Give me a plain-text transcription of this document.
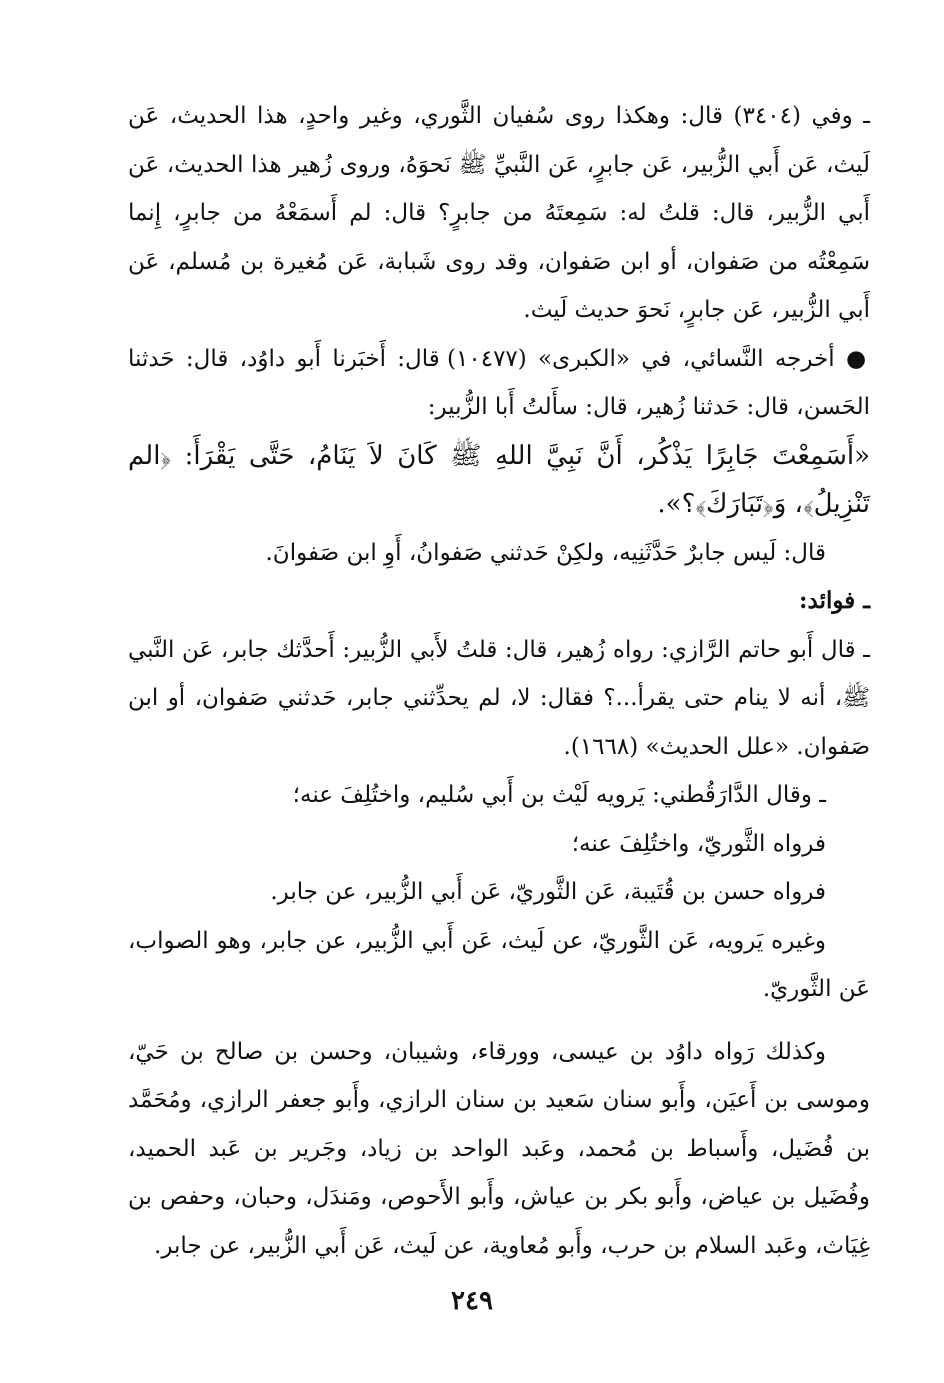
ـ وفي (٣٤٠٤) قال: وهكذا روى سُفيان الثَّوري، وغير واحدٍ، هذا الحديث، عَن لَيث، عَن أَبي الزُّبير، عَن جابرٍ، عَن النَّبيِّ ﷺ نَحوَهُ، وروى زُهير هذا الحديث، عَن أَبي الزُّبير، قال: قلتُ له: سَمِعتَهُ من جابرٍ؟ قال: لم أَسمَعْهُ من جابرٍ، إِنما سَمِعْتُه من صَفوان، أو ابن صَفوان، وقد روى شَبابة، عَن مُغيرة بن مُسلم، عَن أَبي الزُّبير، عَن جابرٍ، نَحوَ حديث لَيث.

● أخرجه النَّسائي، في «الكبرى» (١٠٤٧٧) قال: أَخبَرنا أَبو داوُد، قال: حَدثنا الحَسن، قال: حَدثنا زُهير، قال: سأَلتُ أَبا الزُّبير:

«أَسَمِعْتَ جَابِرًا يَذْكُر، أَنَّ نَبِيَّ اللهِ ﷺ كَانَ لاَ يَنَامُ، حَتَّى يَقْرَأَ: ﴿الم تَنْزِيلُ﴾، وَ﴿تَبَارَكَ﴾؟».

قال: لَيس جابرٌ حَدَّثَنِيه، ولكِنْ حَدثني صَفوانُ، أَوِ ابن صَفوانَ.

ـ فوائد:

ـ قال أَبو حاتم الرَّازي: رواه زُهير، قال: قلتُ لأَبي الزُّبير: أَحدَّثك جابر، عَن النَّبي ﷺ، أنه لا ينام حتى يقرأ...؟ فقال: لا، لم يحدِّثني جابر، حَدثني صَفوان، أو ابن صَفوان. «علل الحديث» (١٦٦٨).

ـ وقال الدَّارَقُطني: يَرويه لَيْث بن أَبي سُليم، واختُلِفَ عنه؛

فرواه الثَّوريّ، واختُلِفَ عنه؛

فرواه حسن بن قُتَيبة، عَن الثَّوريّ، عَن أَبي الزُّبير، عن جابر.

وغيره يَرويه، عَن الثَّوريّ، عن لَيث، عَن أَبي الزُّبير، عن جابر، وهو الصواب، عَن الثَّوريّ.

وكذلك رَواه داوُد بن عيسى، وورقاء، وشيبان، وحسن بن صالح بن حَيّ، وموسى بن أَعيَن، وأَبو سنان سَعيد بن سنان الرازي، وأَبو جعفر الرازي، ومُحَمَّد بن فُضَيل، وأَسباط بن مُحمد، وعَبد الواحد بن زياد، وجَرير بن عَبد الحميد، وفُضَيل بن عياض، وأَبو بكر بن عياش، وأَبو الأَحوص، ومَندَل، وحبان، وحفص بن غِيَاث، وعَبد السلام بن حرب، وأَبو مُعاوية، عن لَيث، عَن أَبي الزُّبير، عن جابر.

٢٤٩
